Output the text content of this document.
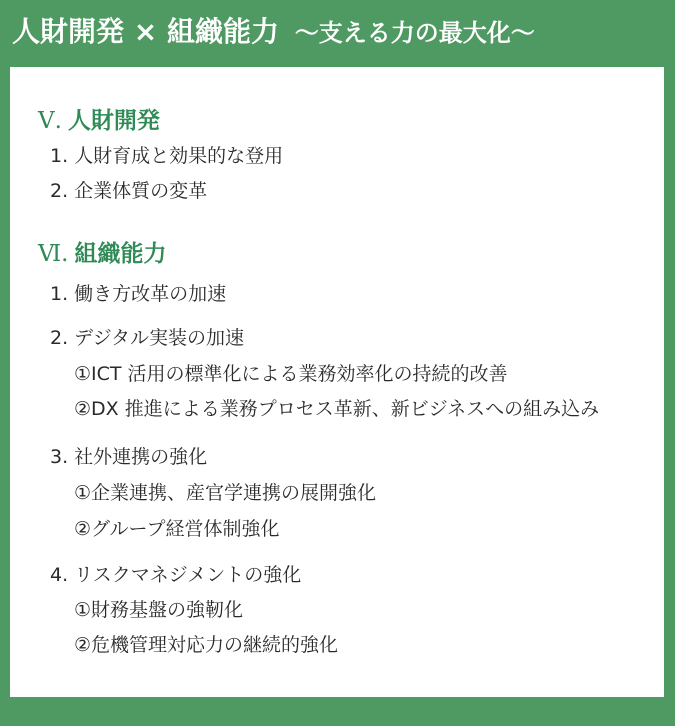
人財開発 × 組織能力 〜支える力の最大化〜
Ⅴ. 人財開発
1. 人財育成と効果的な登用
2. 企業体質の変革
Ⅵ. 組織能力
1. 働き方改革の加速
2. デジタル実装の加速
①ICT 活用の標準化による業務効率化の持続的改善
②DX 推進による業務プロセス革新、新ビジネスへの組み込み
3. 社外連携の強化
①企業連携、産官学連携の展開強化
②グループ経営体制強化
4. リスクマネジメントの強化
①財務基盤の強靭化
②危機管理対応力の継続的強化
